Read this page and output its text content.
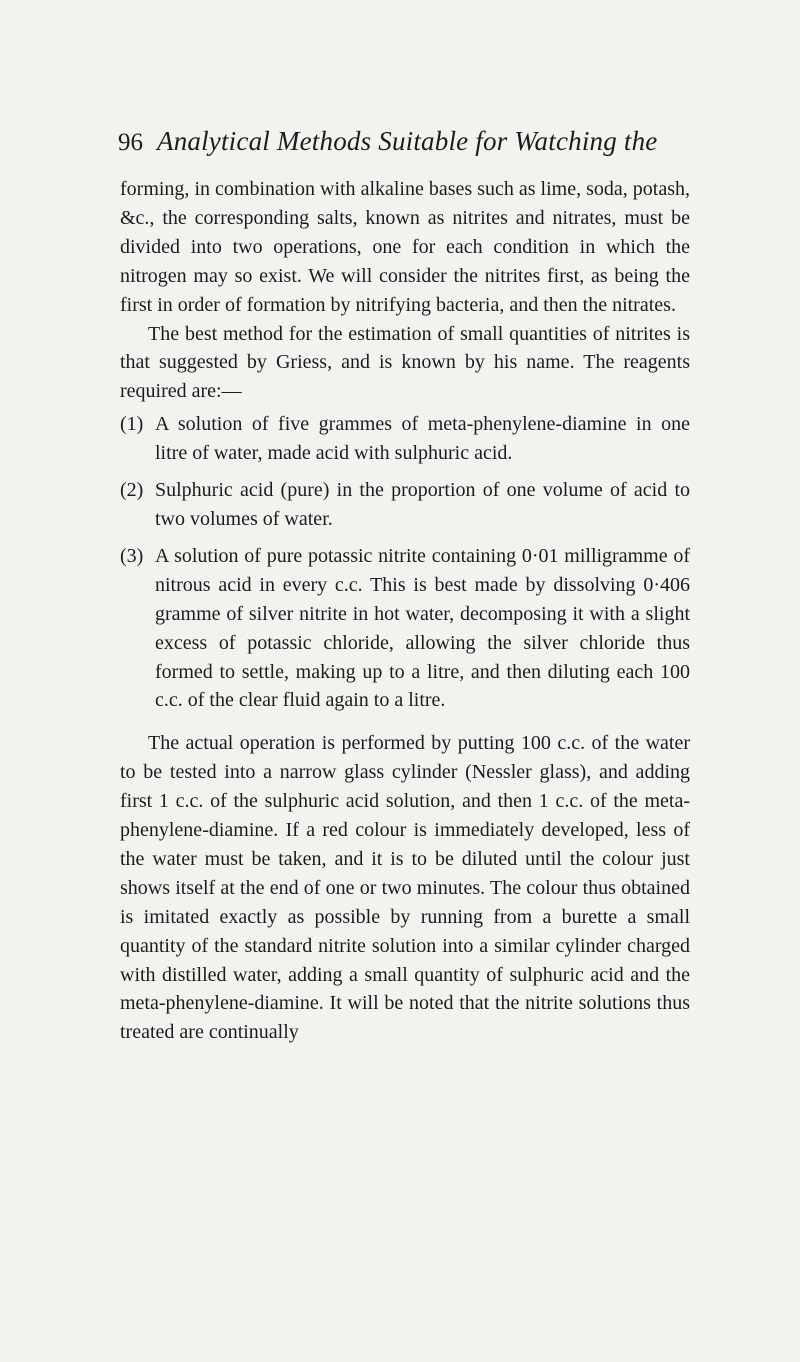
96 Analytical Methods Suitable for Watching the

forming, in combination with alkaline bases such as lime, soda, potash, &c., the corresponding salts, known as nitrites and nitrates, must be divided into two operations, one for each condition in which the nitrogen may so exist. We will consider the nitrites first, as being the first in order of formation by nitrifying bacteria, and then the nitrates.

The best method for the estimation of small quantities of nitrites is that suggested by Griess, and is known by his name. The reagents required are:—

(1) A solution of five grammes of meta-phenylene-diamine in one litre of water, made acid with sulphuric acid.
(2) Sulphuric acid (pure) in the proportion of one volume of acid to two volumes of water.
(3) A solution of pure potassic nitrite containing 0·01 milligramme of nitrous acid in every c.c. This is best made by dissolving 0·406 gramme of silver nitrite in hot water, decomposing it with a slight excess of potassic chloride, allowing the silver chloride thus formed to settle, making up to a litre, and then diluting each 100 c.c. of the clear fluid again to a litre.

The actual operation is performed by putting 100 c.c. of the water to be tested into a narrow glass cylinder (Nessler glass), and adding first 1 c.c. of the sulphuric acid solution, and then 1 c.c. of the meta-phenylene-diamine. If a red colour is immediately developed, less of the water must be taken, and it is to be diluted until the colour just shows itself at the end of one or two minutes. The colour thus obtained is imitated exactly as possible by running from a burette a small quantity of the standard nitrite solution into a similar cylinder charged with distilled water, adding a small quantity of sulphuric acid and the meta-phenylene-diamine. It will be noted that the nitrite solutions thus treated are continually
